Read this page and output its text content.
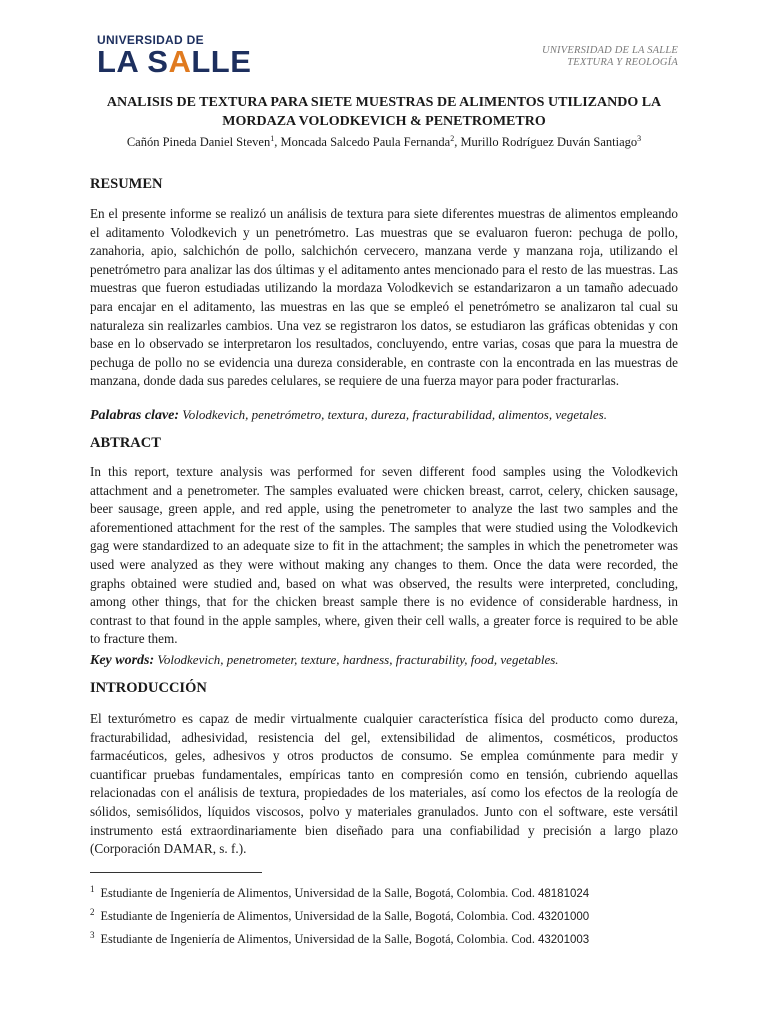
UNIVERSIDAD DE
LA SALLE	UNIVERSIDAD DE LA SALLE
TEXTURA Y REOLOGÍA
ANALISIS DE TEXTURA PARA SIETE MUESTRAS DE ALIMENTOS UTILIZANDO LA
MORDAZA VOLODKEVICH & PENETROMETRO
Cañón Pineda Daniel Steven$^1$, Moncada Salcedo Paula Fernanda$^2$, Murillo Rodríguez Duván Santiago$^3$
RESUMEN
En el presente informe se realizó un análisis de textura para siete diferentes muestras de alimentos empleando el aditamento Volodkevich y un penetrómetro. Las muestras que se evaluaron fueron: pechuga de pollo, zanahoria, apio, salchichón de pollo, salchichón cervecero, manzana verde y manzana roja, utilizando el penetrómetro para analizar las dos últimas y el aditamento antes mencionado para el resto de las muestras. Las muestras que fueron estudiadas utilizando la mordaza Volodkevich se estandarizaron a un tamaño adecuado para encajar en el aditamento, las muestras en las que se empleó el penetrómetro se analizaron tal cual su naturaleza sin realizarles cambios. Una vez se registraron los datos, se estudiaron las gráficas obtenidas y con base en lo observado se interpretaron los resultados, concluyendo, entre varias, cosas que para la muestra de pechuga de pollo no se evidencia una dureza considerable, en contraste con la encontrada en las muestras de manzana, donde dada sus paredes celulares, se requiere de una fuerza mayor para poder fracturarlas.
Palabras clave: Volodkevich, penetrómetro, textura, dureza, fracturabilidad, alimentos, vegetales.
ABTRACT
In this report, texture analysis was performed for seven different food samples using the Volodkevich attachment and a penetrometer. The samples evaluated were chicken breast, carrot, celery, chicken sausage, beer sausage, green apple, and red apple, using the penetrometer to analyze the last two samples and the aforementioned attachment for the rest of the samples. The samples that were studied using the Volodkevich gag were standardized to an adequate size to fit in the attachment; the samples in which the penetrometer was used were analyzed as they were without making any changes to them. Once the data were recorded, the graphs obtained were studied and, based on what was observed, the results were interpreted, concluding, among other things, that for the chicken breast sample there is no evidence of considerable hardness, in contrast to that found in the apple samples, where, given their cell walls, a greater force is required to be able to fracture them.
Key words: Volodkevich, penetrometer, texture, hardness, fracturability, food, vegetables.
INTRODUCCIÓN
El texturómetro es capaz de medir virtualmente cualquier característica física del producto como dureza, fracturabilidad, adhesividad, resistencia del gel, extensibilidad de alimentos, cosméticos, productos farmacéuticos, geles, adhesivos y otros productos de consumo. Se emplea comúnmente para medir y cuantificar pruebas fundamentales, empíricas tanto en compresión como en tensión, cubriendo aquellas relacionadas con el análisis de textura, propiedades de los materiales, así como los efectos de la reología de sólidos, semisólidos, líquidos viscosos, polvo y materiales granulados. Junto con el software, este versátil instrumento está extraordinariamente bien diseñado para una confiabilidad y precisión a largo plazo (Corporación DAMAR, s. f.).
$^1$ Estudiante de Ingeniería de Alimentos, Universidad de la Salle, Bogotá, Colombia. Cod. 48181024
$^2$ Estudiante de Ingeniería de Alimentos, Universidad de la Salle, Bogotá, Colombia. Cod. 43201000
$^3$ Estudiante de Ingeniería de Alimentos, Universidad de la Salle, Bogotá, Colombia. Cod. 43201003
